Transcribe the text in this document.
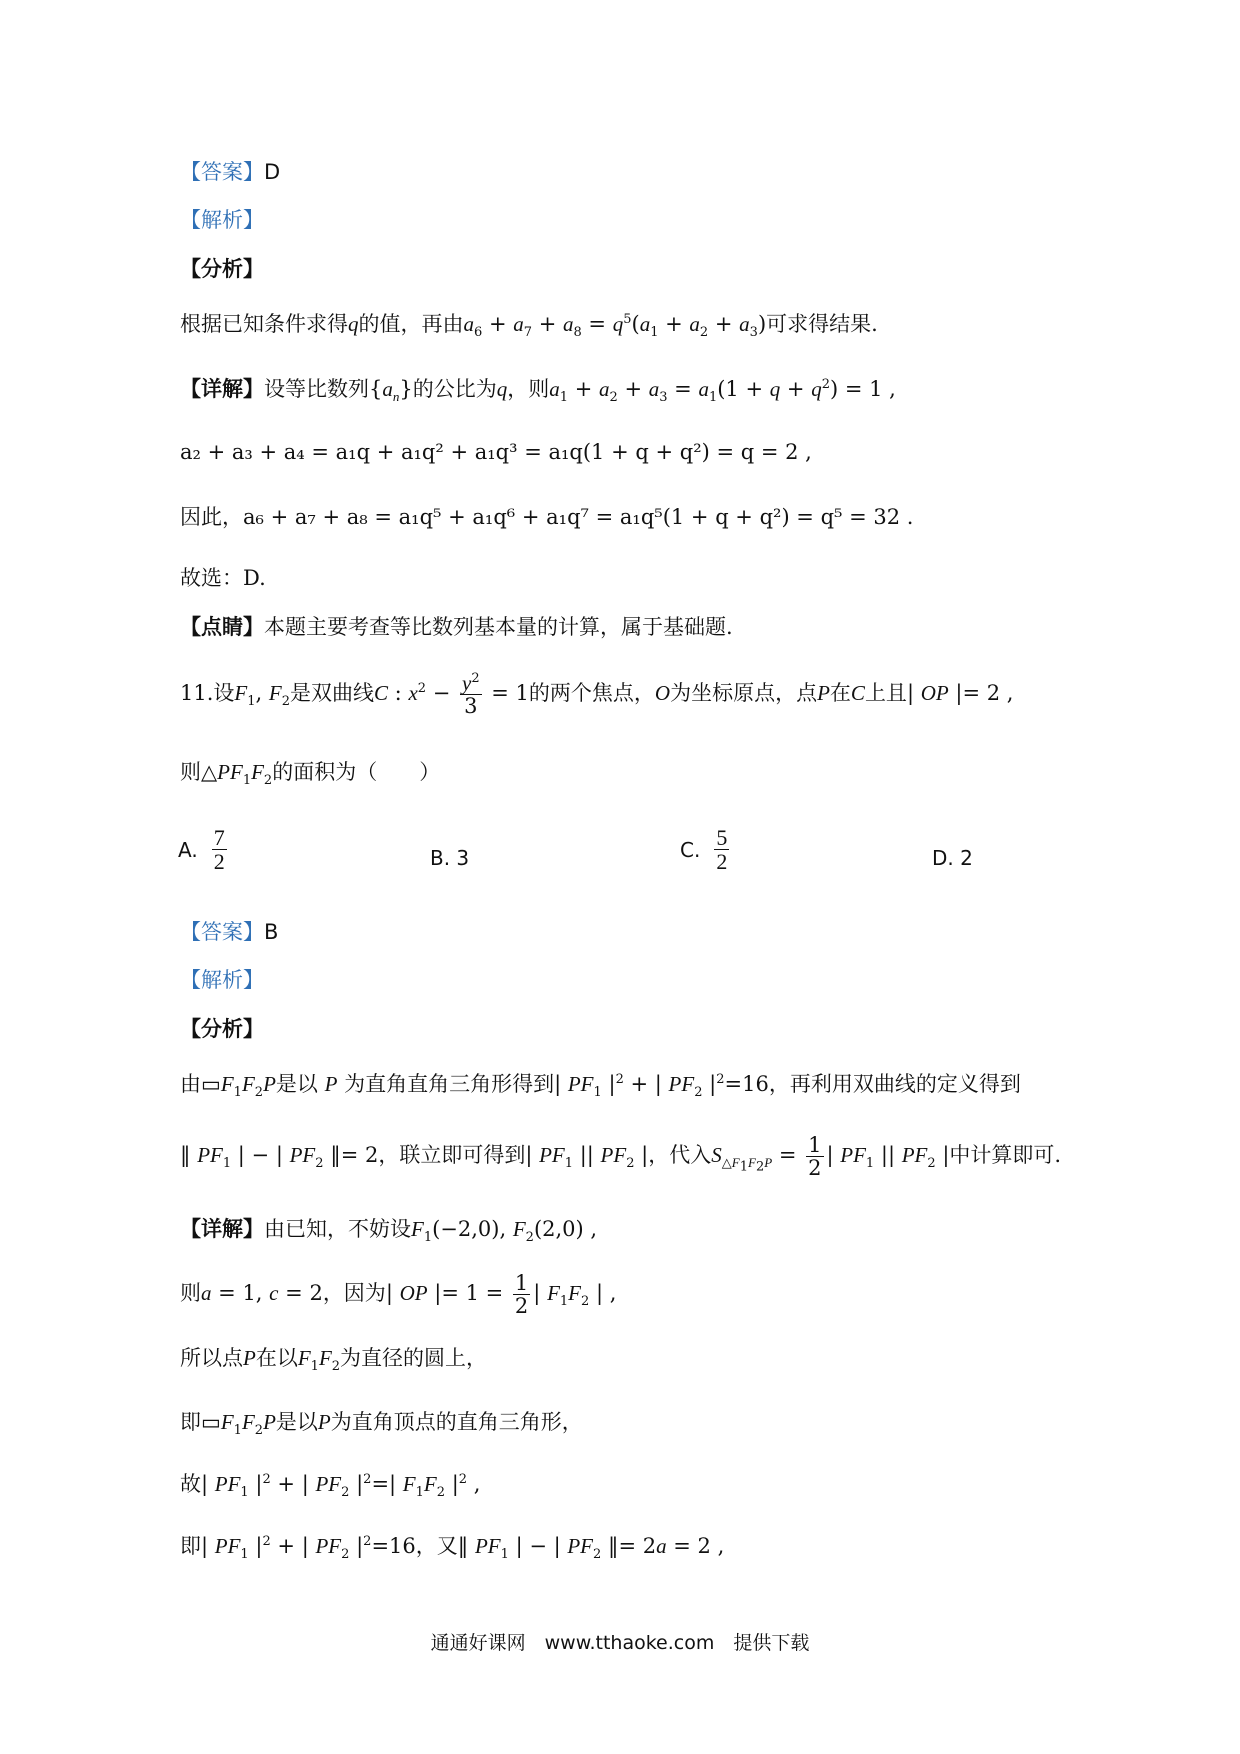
【答案】D
【解析】
【分析】
根据已知条件求得q的值，再由$a_6 + a_7 + a_8 = q^5(a_1 + a_2 + a_3)$可求得结果.
【详解】设等比数列$\{a_n\}$的公比为q，则$a_1 + a_2 + a_3 = a_1(1 + q + q^2) = 1$ ,
a₂ + a₃ + a₄ = a₁q + a₁q² + a₁q³ = a₁q(1 + q + q²) = q = 2 ,
因此，a₆ + a₇ + a₈ = a₁q⁵ + a₁q⁶ + a₁q⁷ = a₁q⁵(1 + q + q²) = q⁵ = 32 .
故选：D.
【点睛】本题主要考查等比数列基本量的计算，属于基础题.
11.设$F_1$, $F_2$是双曲线C : $x^2 - \frac{y^2}{3} = 1$的两个焦点，O为坐标原点，点P在C上且| OP |= 2 ,
则$\triangle PF_1F_2$的面积为（　　）
A. $\frac{7}{2}$	B. 3	C. $\frac{5}{2}$	D. 2
【答案】B
【解析】
【分析】
由$▭F_1F_2P$是以 P 为直角直角三角形得到| $PF_1$ $|^2$ + | $PF_2$ $|^2=16$，再利用双曲线的定义得到
‖ $PF_1$ | − | $PF_2$ ‖= 2，联立即可得到| $PF_1$ || $PF_2$ |，代入$S_{\triangle F_1F_2P} = \frac{1}{2}$ | $PF_1$ || $PF_2$ |中计算即可.
【详解】由已知，不妨设$F_1(-2,0)$, $F_2(2,0)$ ,
则a = 1, c = 2，因为| OP |= $1 = \frac{1}{2}$ | $F_1F_2$ | ,
所以点P在以$F_1F_2$为直径的圆上，
即$▭F_1F_2P$是以P为直角顶点的直角三角形，
故| $PF_1$ $|^2$ + | $PF_2$ $|^2=|$ $F_1F_2$ $|^2$ ,
即| $PF_1$ $|^2$ + | $PF_2$ $|^2=16$，又‖ $PF_1$ | − | $PF_2$ ‖= 2a = 2 ,
通通好课网　www.tthaoke.com　提供下载
